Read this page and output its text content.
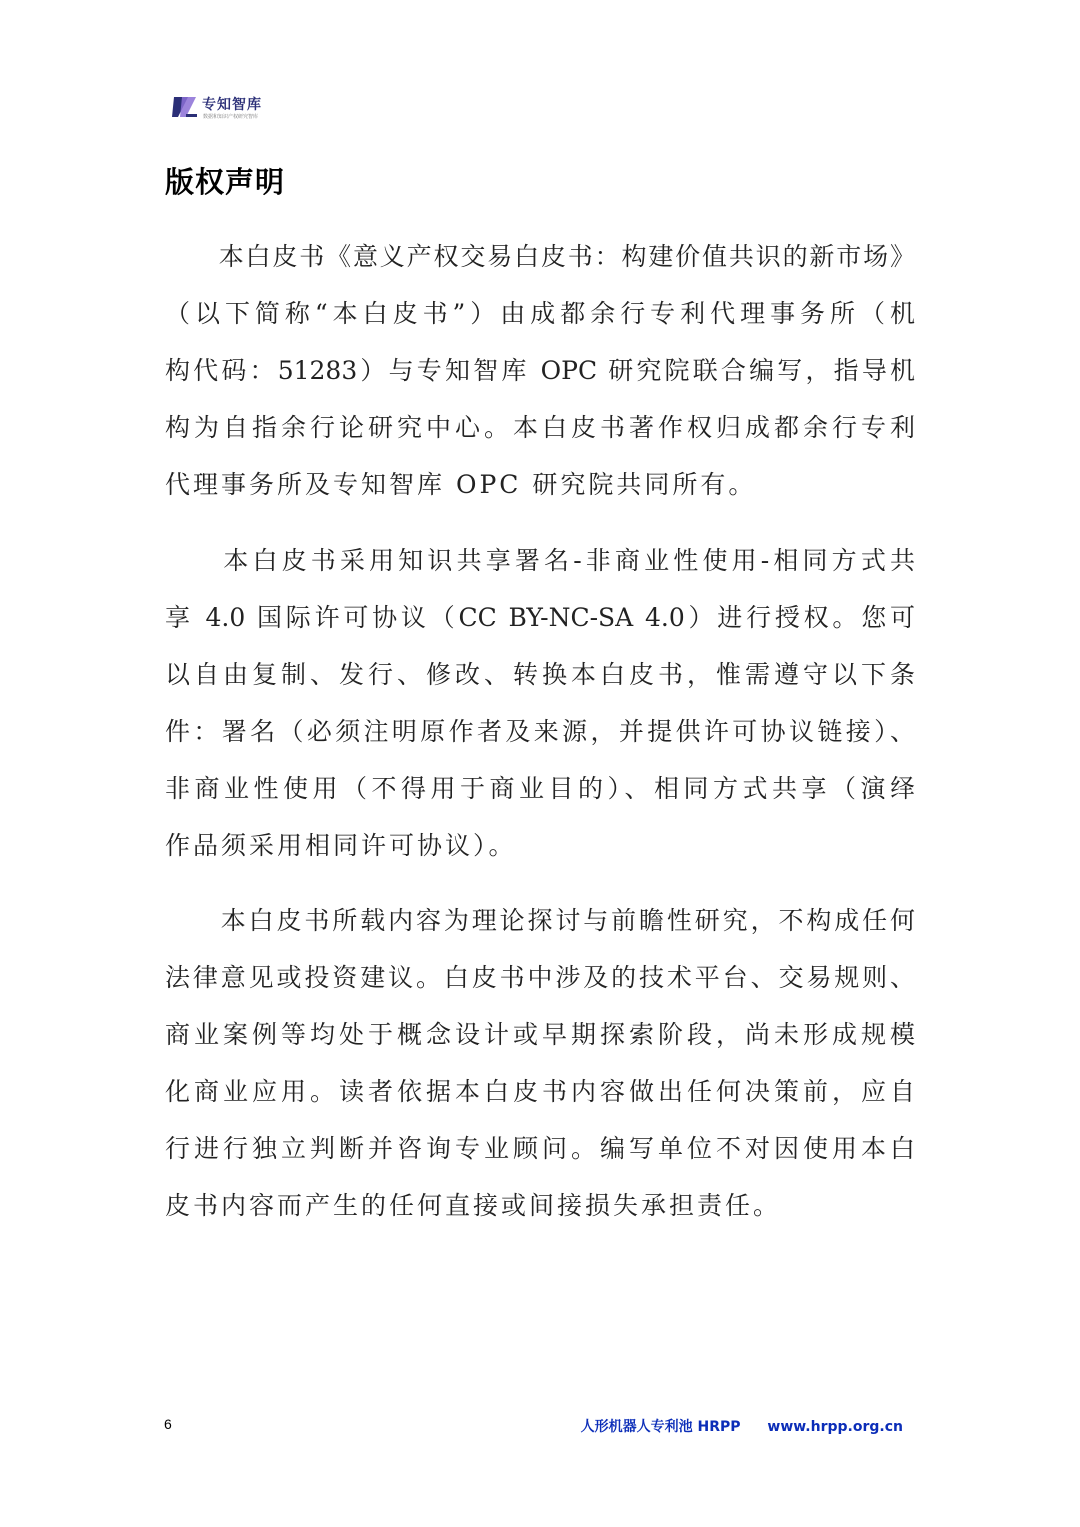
专知智库
数据和知识产权研究智库
版权声明
　　本白皮书《意义产权交易白皮书：构建价值共识的新市场》
（以下简称“本白皮书”）由成都余行专利代理事务所（机
构代码：51283）与专知智库 OPC 研究院联合编写，指导机
构为自指余行论研究中心。本白皮书著作权归成都余行专利
代理事务所及专知智库 OPC 研究院共同所有。
　　本白皮书采用知识共享署名-非商业性使用-相同方式共
享 4.0 国际许可协议（CC BY-NC-SA 4.0）进行授权。您可
以自由复制、发行、修改、转换本白皮书，惟需遵守以下条
件：署名（必须注明原作者及来源，并提供许可协议链接）、
非商业性使用（不得用于商业目的）、相同方式共享（演绎
作品须采用相同许可协议）。
　　本白皮书所载内容为理论探讨与前瞻性研究，不构成任何
法律意见或投资建议。白皮书中涉及的技术平台、交易规则、
商业案例等均处于概念设计或早期探索阶段，尚未形成规模
化商业应用。读者依据本白皮书内容做出任何决策前，应自
行进行独立判断并咨询专业顾问。编写单位不对因使用本白
皮书内容而产生的任何直接或间接损失承担责任。
6	人形机器人专利池 HRPP www.hrpp.org.cn
